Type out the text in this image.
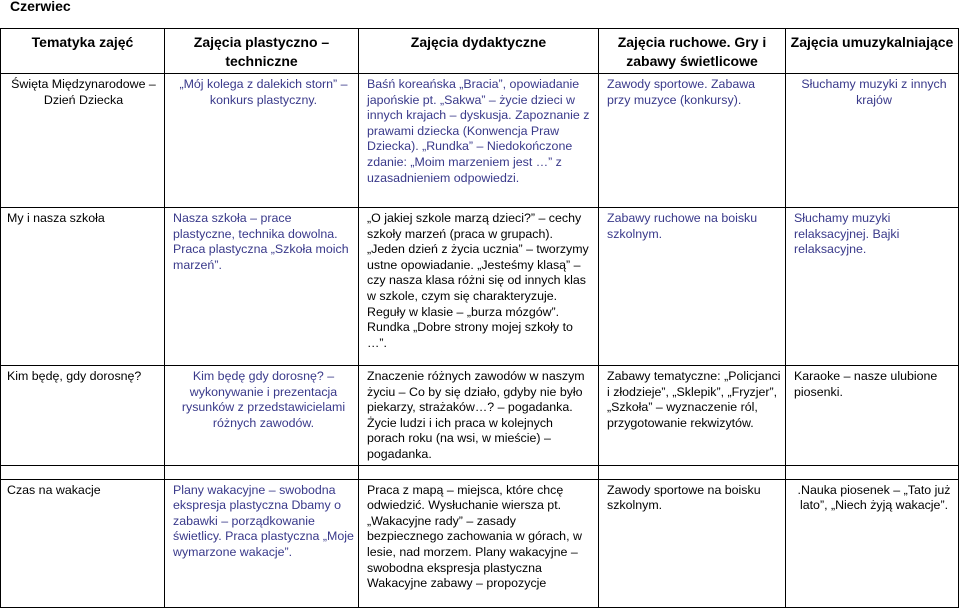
Czerwiec
Tematyka zajęć	Zajęcia plastyczno – techniczne	Zajęcia dydaktyczne	Zajęcia ruchowe. Gry i zabawy świetlicowe	Zajęcia umuzykalniające
Święta Międzynarodowe – Dzień Dziecka	„Mój kolega z dalekich storn” – konkurs plastyczny.	Baśń koreańska „Bracia”, opowiadanie japońskie pt. „Sakwa” – życie dzieci w innych krajach – dyskusja. Zapoznanie z prawami dziecka (Konwencja Praw Dziecka). „Rundka” – Niedokończone zdanie: „Moim marzeniem jest …” z uzasadnieniem odpowiedzi.	Zawody sportowe. Zabawa przy muzyce (konkursy).	Słuchamy muzyki z innych krajów
My i nasza szkoła	Nasza szkoła – prace plastyczne, technika dowolna. Praca plastyczna „Szkoła moich marzeń”.	„O jakiej szkole marzą dzieci?” – cechy szkoły marzeń (praca w grupach). „Jeden dzień z życia ucznia” – tworzymy ustne opowiadanie. „Jesteśmy klasą” – czy nasza klasa różni się od innych klas w szkole, czym się charakteryzuje. Reguły w klasie – „burza mózgów”. Rundka „Dobre strony mojej szkoły to …”.	Zabawy ruchowe na boisku szkolnym.	Słuchamy muzyki relaksacyjnej. Bajki relaksacyjne.
Kim będę, gdy dorosnę?	Kim będę gdy dorosnę? – wykonywanie i prezentacja rysunków z przedstawicielami różnych zawodów.	Znaczenie różnych zawodów w naszym życiu – Co by się działo, gdyby nie było piekarzy, strażaków…? – pogadanka. Życie ludzi i ich praca w kolejnych porach roku (na wsi, w mieście) – pogadanka.	Zabawy tematyczne: „Policjanci i złodzieje”, „Sklepik”, „Fryzjer”, „Szkoła” – wyznaczenie ról, przygotowanie rekwizytów.	Karaoke – nasze ulubione piosenki.

Czas na wakacje	Plany wakacyjne – swobodna ekspresja plastyczna Dbamy o zabawki – porządkowanie świetlicy. Praca plastyczna „Moje wymarzone wakacje”.	Praca z mapą – miejsca, które chcę odwiedzić. Wysłuchanie wiersza pt. „Wakacyjne rady” – zasady bezpiecznego zachowania w górach, w lesie, nad morzem. Plany wakacyjne – swobodna ekspresja plastyczna Wakacyjne zabawy – propozycje	Zawody sportowe na boisku szkolnym.	.Nauka piosenek – „Tato już lato”, „Niech żyją wakacje”.
